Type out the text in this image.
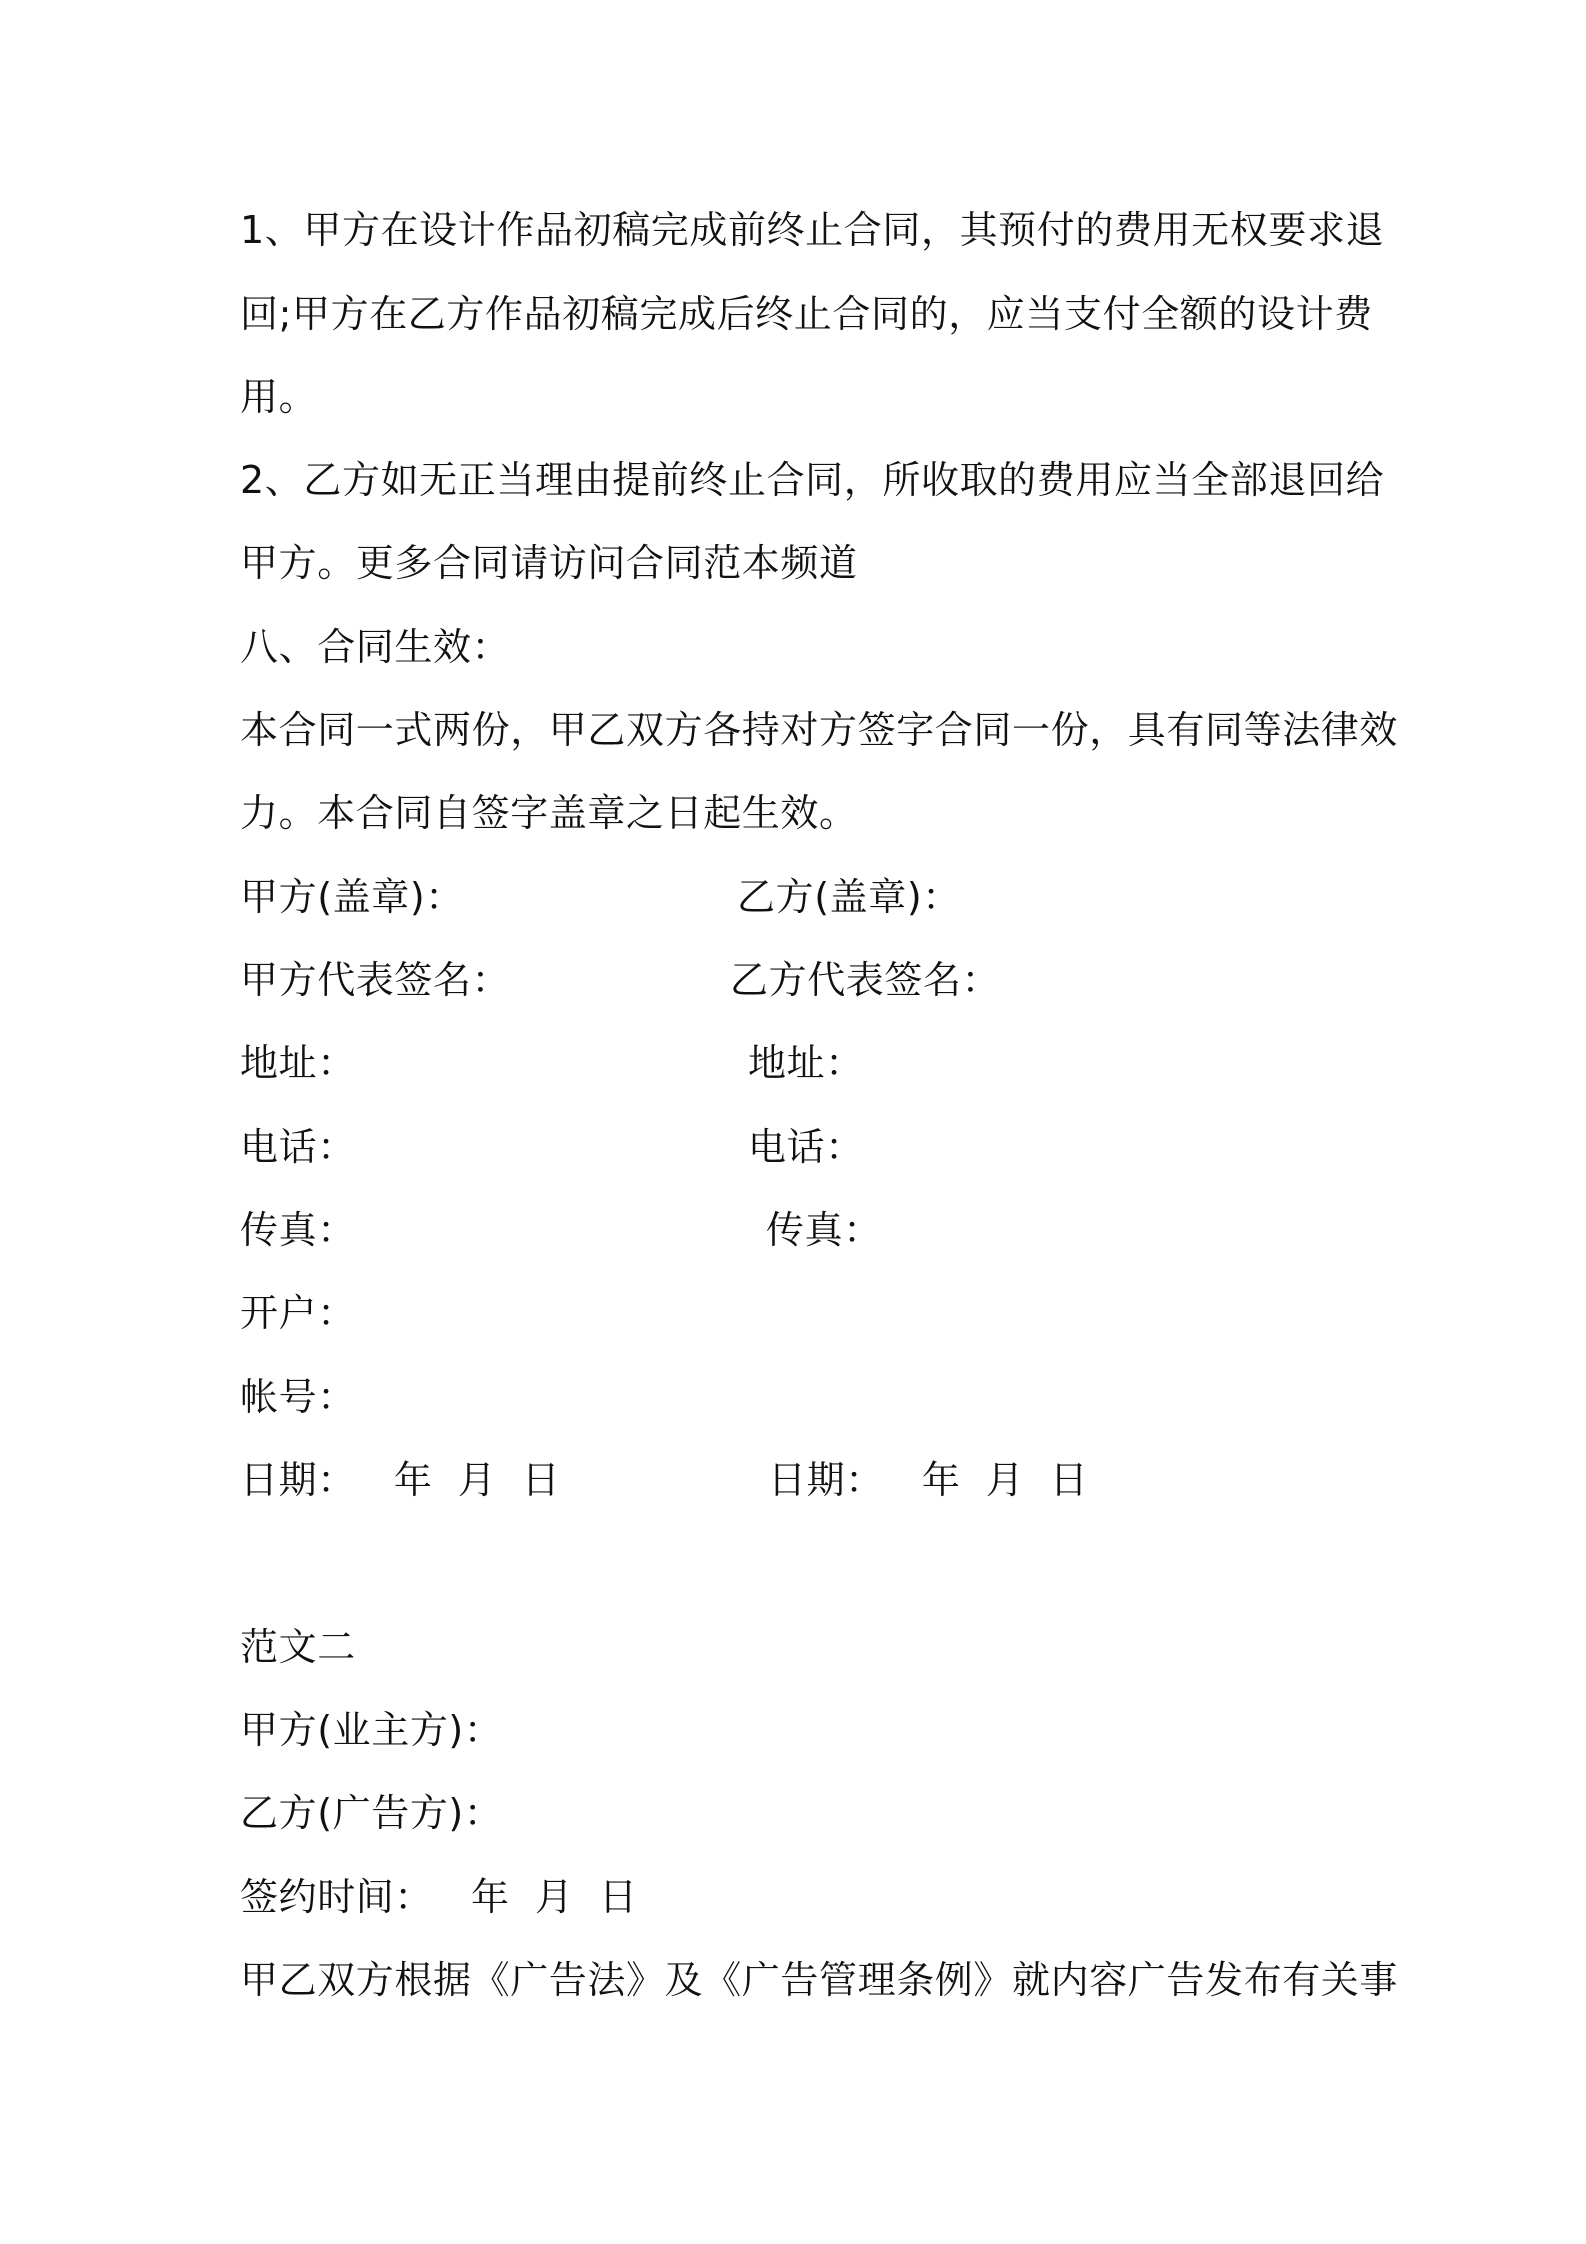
1、甲方在设计作品初稿完成前终止合同，其预付的费用无权要求退
回;甲方在乙方作品初稿完成后终止合同的，应当支付全额的设计费
用。
2、乙方如无正当理由提前终止合同，所收取的费用应当全部退回给
甲方。更多合同请访问合同范本频道
八、合同生效：
本合同一式两份，甲乙双方各持对方签字合同一份，具有同等法律效
力。本合同自签字盖章之日起生效。
甲方(盖章)：	乙方(盖章)：
甲方代表签名：	乙方代表签名：
地址：	地址：
电话：	电话：
传真：	传真：
开户：
帐号：
日期：   年  月  日	日期：   年  月  日
范文二
甲方(业主方)：
乙方(广告方)：
签约时间：   年  月  日
甲乙双方根据《广告法》及《广告管理条例》就内容广告发布有关事
